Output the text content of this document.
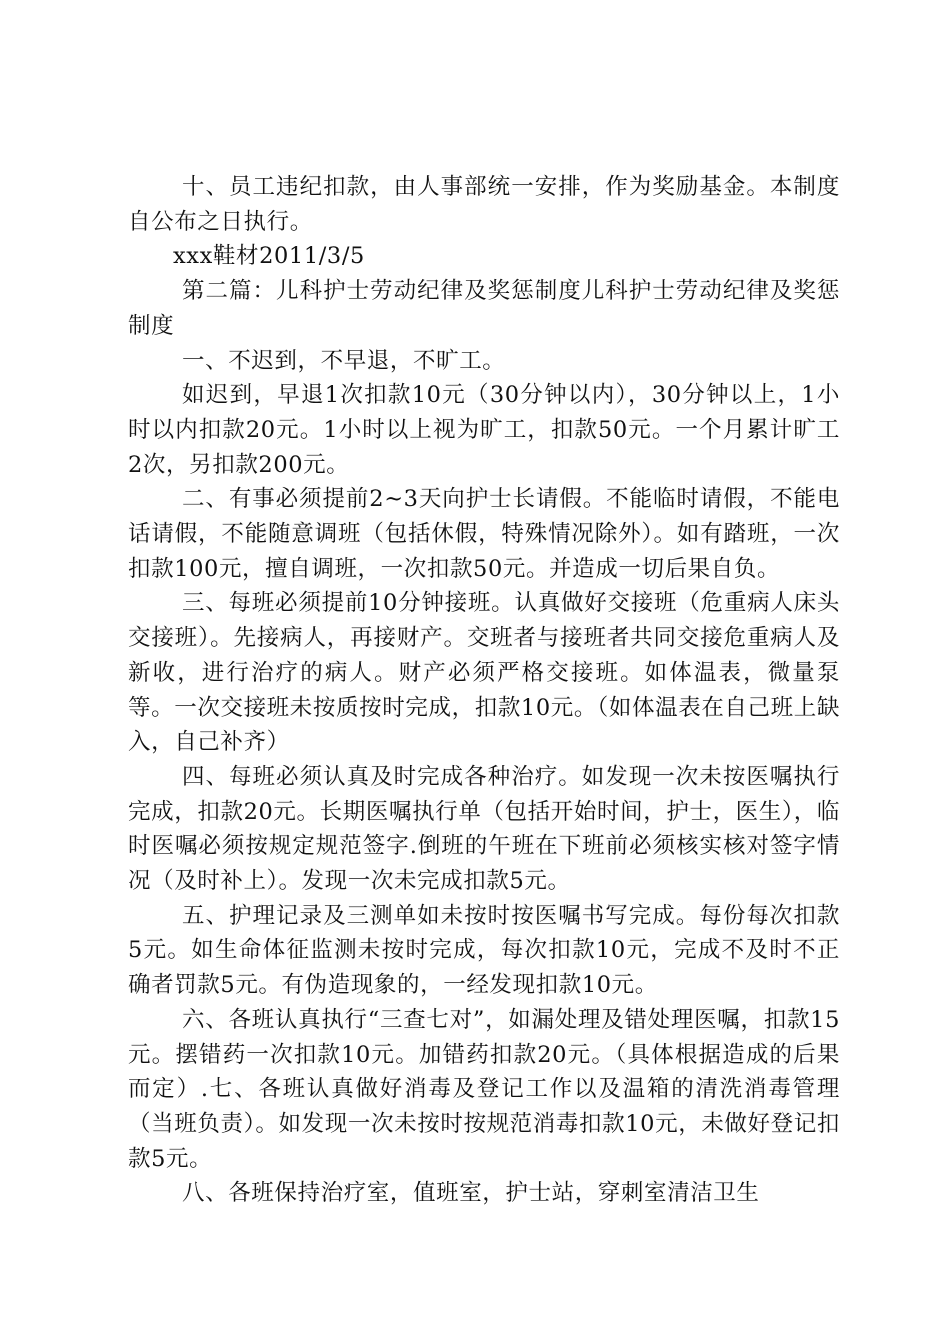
十、员工违纪扣款，由人事部统一安排，作为奖励基金。本制度自公布之日执行。

xxx鞋材2011/3/5

第二篇：儿科护士劳动纪律及奖惩制度儿科护士劳动纪律及奖惩制度

一、不迟到，不早退，不旷工。

如迟到，早退1次扣款10元（30分钟以内），30分钟以上，1小时以内扣款20元。1小时以上视为旷工，扣款50元。一个月累计旷工2次，另扣款200元。

二、有事必须提前2~3天向护士长请假。不能临时请假，不能电话请假，不能随意调班（包括休假，特殊情况除外）。如有踏班，一次扣款100元，擅自调班，一次扣款50元。并造成一切后果自负。

三、每班必须提前10分钟接班。认真做好交接班（危重病人床头交接班）。先接病人，再接财产。交班者与接班者共同交接危重病人及新收，进行治疗的病人。财产必须严格交接班。如体温表，微量泵等。一次交接班未按质按时完成，扣款10元。（如体温表在自己班上缺入，自己补齐）

四、每班必须认真及时完成各种治疗。如发现一次未按医嘱执行完成，扣款20元。长期医嘱执行单（包括开始时间，护士，医生），临时医嘱必须按规定规范签字.倒班的午班在下班前必须核实核对签字情况（及时补上）。发现一次未完成扣款5元。

五、护理记录及三测单如未按时按医嘱书写完成。每份每次扣款5元。如生命体征监测未按时完成，每次扣款10元，完成不及时不正确者罚款5元。有伪造现象的，一经发现扣款10元。

六、各班认真执行“三查七对”，如漏处理及错处理医嘱，扣款15元。摆错药一次扣款10元。加错药扣款20元。（具体根据造成的后果而定）.七、各班认真做好消毒及登记工作以及温箱的清洗消毒管理（当班负责）。如发现一次未按时按规范消毒扣款10元，未做好登记扣款5元。

八、各班保持治疗室，值班室，护士站，穿刺室清洁卫生
